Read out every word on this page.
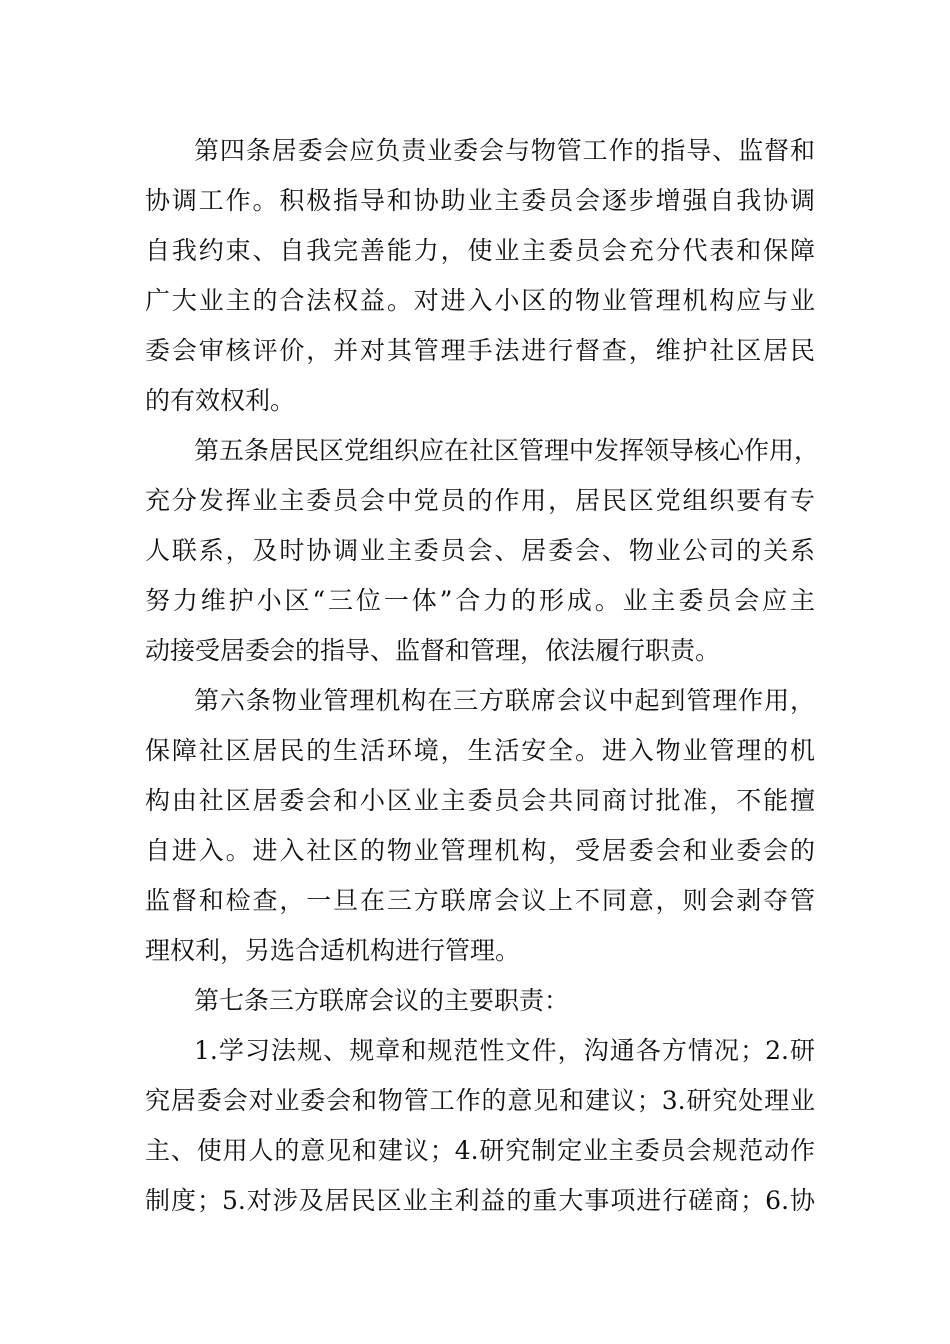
第四条居委会应负责业委会与物管工作的指导、监督和
协调工作。积极指导和协助业主委员会逐步增强自我协调
自我约束、自我完善能力，使业主委员会充分代表和保障
广大业主的合法权益。对进入小区的物业管理机构应与业
委会审核评价，并对其管理手法进行督查，维护社区居民
的有效权利。
第五条居民区党组织应在社区管理中发挥领导核心作用，
充分发挥业主委员会中党员的作用，居民区党组织要有专
人联系，及时协调业主委员会、居委会、物业公司的关系
努力维护小区“三位一体”合力的形成。业主委员会应主
动接受居委会的指导、监督和管理，依法履行职责。
第六条物业管理机构在三方联席会议中起到管理作用，
保障社区居民的生活环境，生活安全。进入物业管理的机
构由社区居委会和小区业主委员会共同商讨批准，不能擅
自进入。进入社区的物业管理机构，受居委会和业委会的
监督和检查，一旦在三方联席会议上不同意，则会剥夺管
理权利，另选合适机构进行管理。
第七条三方联席会议的主要职责：
1.学习法规、规章和规范性文件，沟通各方情况；2.研
究居委会对业委会和物管工作的意见和建议；3.研究处理业
主、使用人的意见和建议；4.研究制定业主委员会规范动作
制度；5.对涉及居民区业主利益的重大事项进行磋商；6.协
